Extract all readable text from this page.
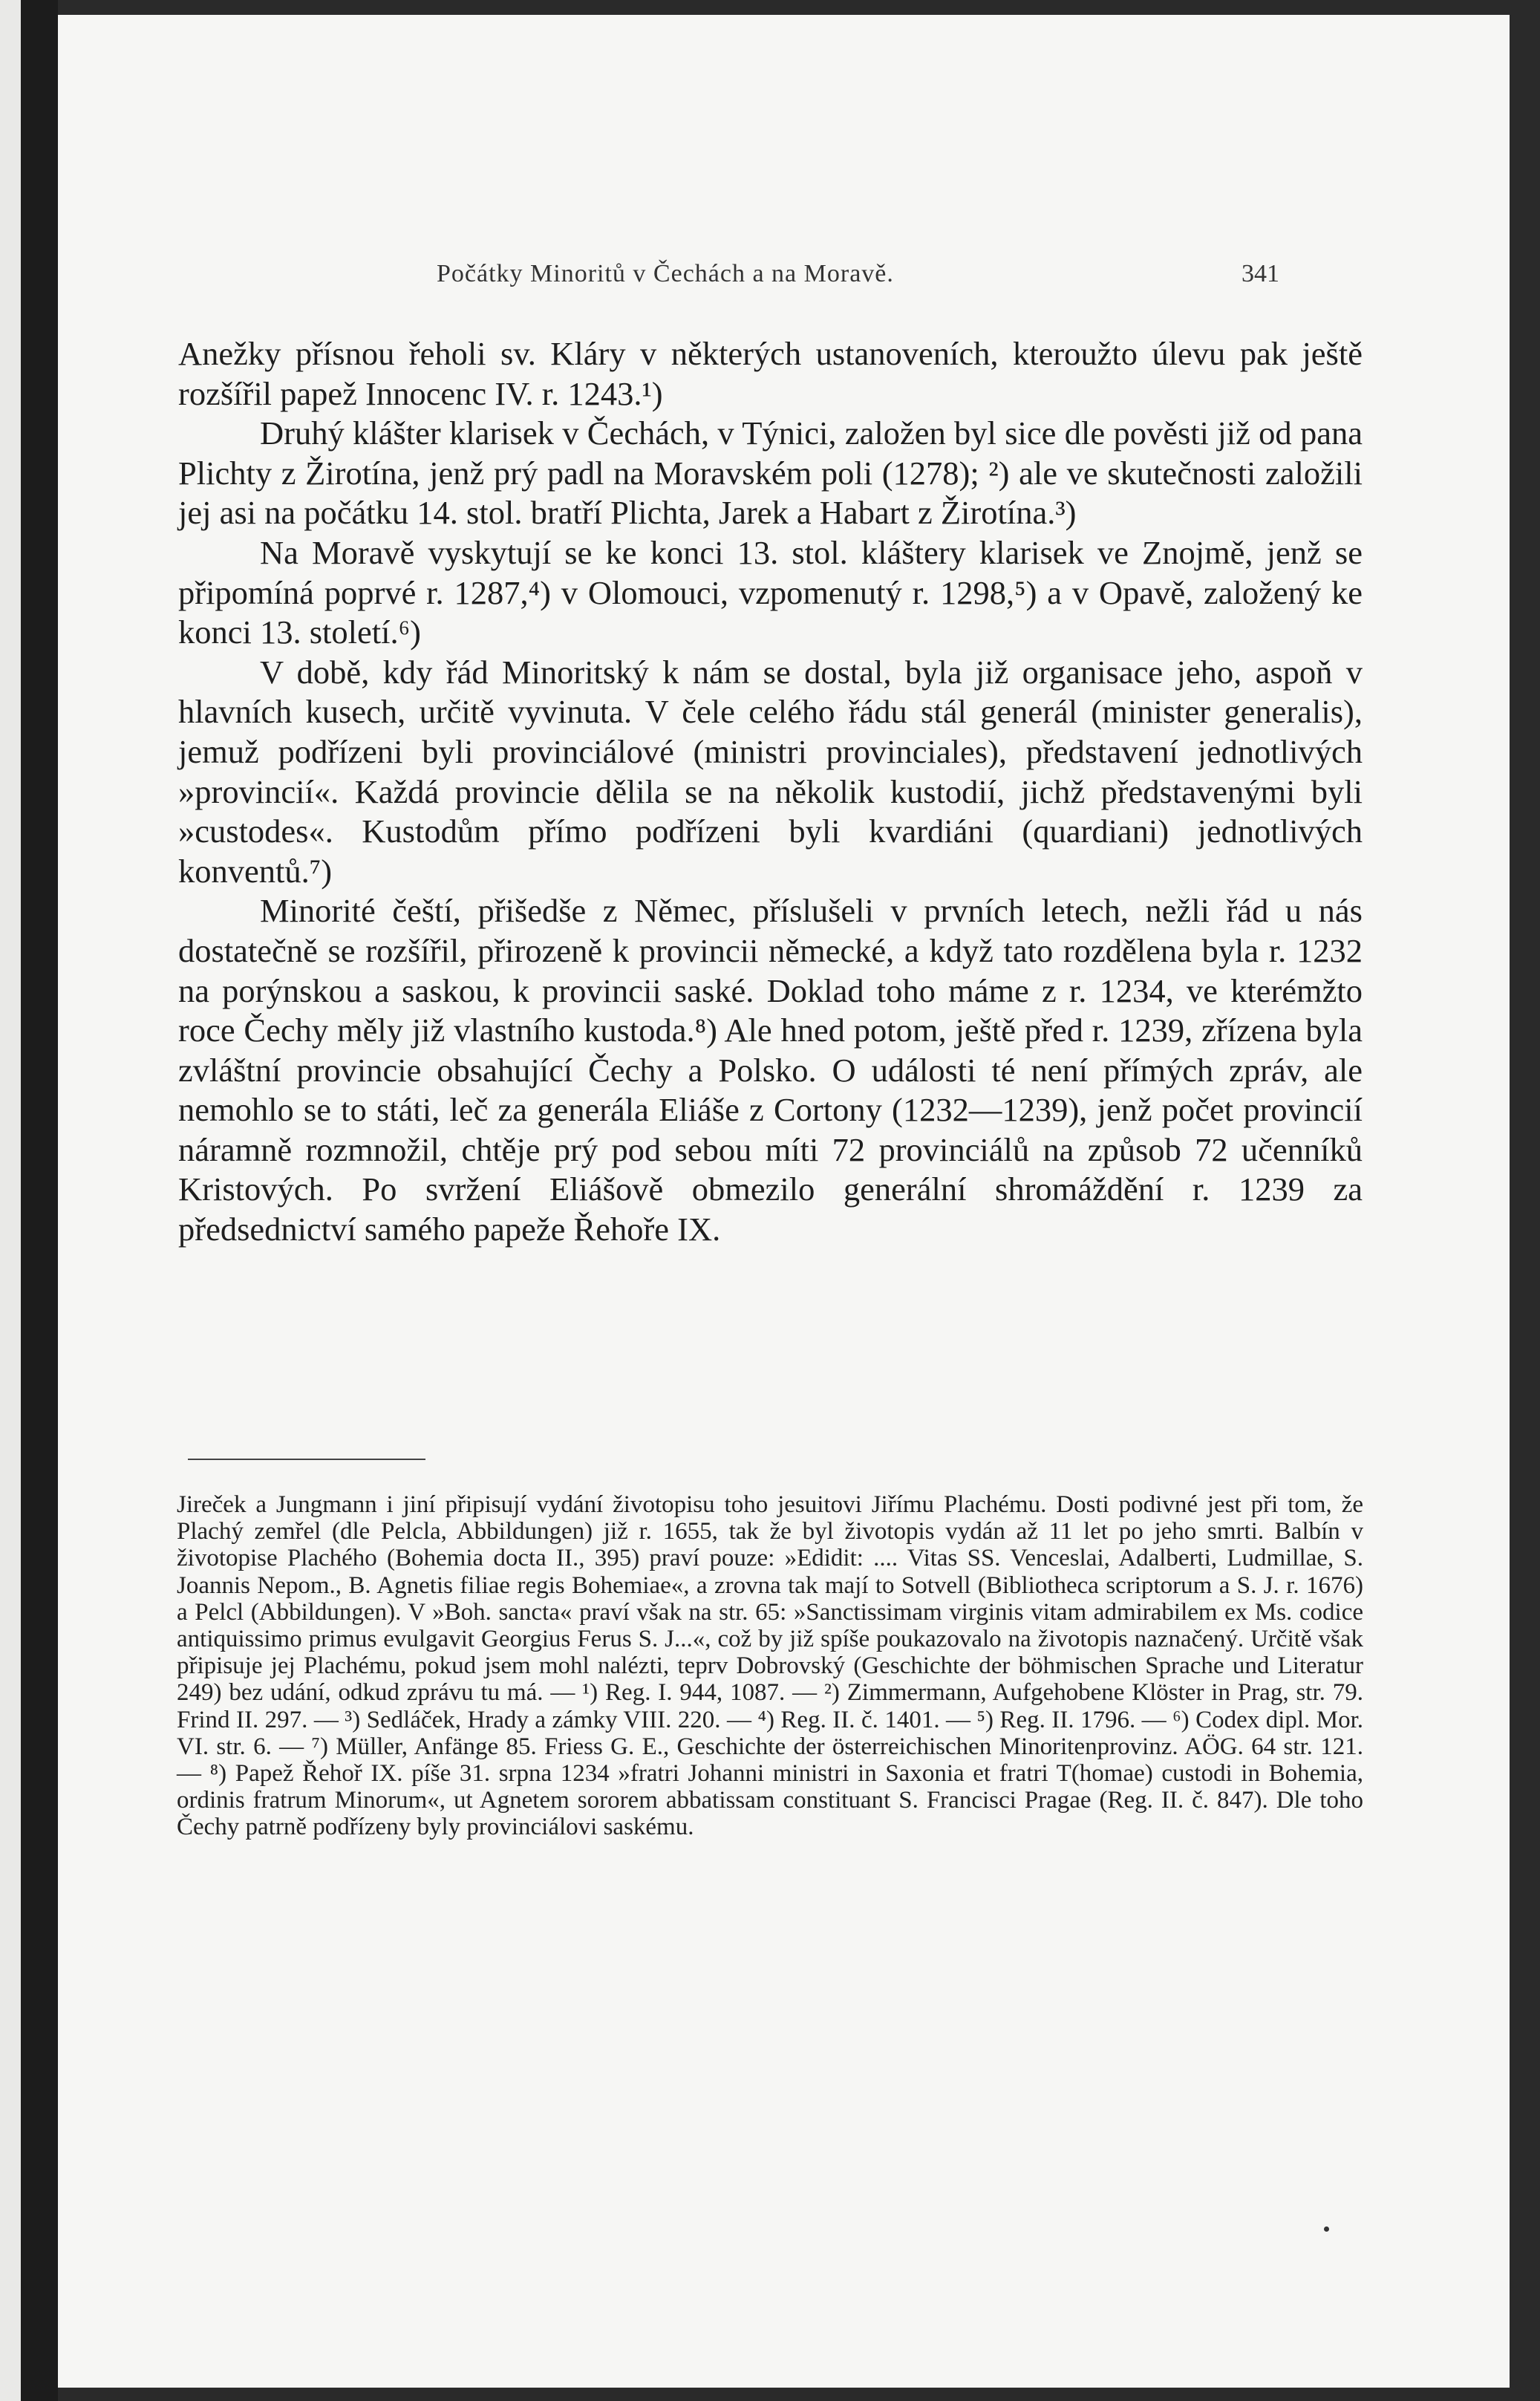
Počátky Minoritů v Čechách a na Moravě.	341

Anežky přísnou řeholi sv. Kláry v některých ustanoveních, kteroužto úlevu pak ještě rozšířil papež Innocenc IV. r. 1243.¹)

Druhý klášter klarisek v Čechách, v Týnici, založen byl sice dle pověsti již od pana Plichty z Žirotína, jenž prý padl na Moravském poli (1278); ²) ale ve skutečnosti založili jej asi na počátku 14. stol. bratří Plichta, Jarek a Habart z Žirotína.³)

Na Moravě vyskytují se ke konci 13. stol. kláštery klarisek ve Znojmě, jenž se připomíná poprvé r. 1287,⁴) v Olomouci, vzpomenutý r. 1298,⁵) a v Opavě, založený ke konci 13. století.⁶)

V době, kdy řád Minoritský k nám se dostal, byla již organisace jeho, aspoň v hlavních kusech, určitě vyvinuta. V čele celého řádu stál generál (minister generalis), jemuž podřízeni byli provinciálové (ministri provinciales), představení jednotlivých »provincií«. Každá provincie dělila se na několik kustodií, jichž představenými byli »custodes«. Kustodům přímo podřízeni byli kvardiáni (quardiani) jednotlivých konventů.⁷)

Minorité čeští, přišedše z Němec, příslušeli v prvních letech, nežli řád u nás dostatečně se rozšířil, přirozeně k provincii německé, a když tato rozdělena byla r. 1232 na porýnskou a saskou, k provincii saské. Doklad toho máme z r. 1234, ve kterémžto roce Čechy měly již vlastního kustoda.⁸) Ale hned potom, ještě před r. 1239, zřízena byla zvláštní provincie obsahující Čechy a Polsko. O události té není přímých zpráv, ale nemohlo se to státi, leč za generála Eliáše z Cortony (1232—1239), jenž počet provincií náramně rozmnožil, chtěje prý pod sebou míti 72 provinciálů na způsob 72 učenníků Kristových. Po svržení Eliášově obmezilo generální shromáždění r. 1239 za předsednictví samého papeže Řehoře IX.

Jireček a Jungmann i jiní připisují vydání životopisu toho jesuitovi Jiřímu Plachému. Dosti podivné jest při tom, že Plachý zemřel (dle Pelcla, Abbildungen) již r. 1655, tak že byl životopis vydán až 11 let po jeho smrti. Balbín v životopise Plachého (Bohemia docta II., 395) praví pouze: »Edidit: .... Vitas SS. Venceslai, Adalberti, Ludmillae, S. Joannis Nepom., B. Agnetis filiae regis Bohemiae«, a zrovna tak mají to Sotvell (Bibliotheca scriptorum a S. J. r. 1676) a Pelcl (Abbildungen). V »Boh. sancta« praví však na str. 65: »Sanctissimam virginis vitam admirabilem ex Ms. codice antiquissimo primus evulgavit Georgius Ferus S. J...«, což by již spíše poukazovalo na životopis naznačený. Určitě však připisuje jej Plachému, pokud jsem mohl nalézti, teprv Dobrovský (Geschichte der böhmischen Sprache und Literatur 249) bez udání, odkud zprávu tu má. — ¹) Reg. I. 944, 1087. — ²) Zimmermann, Aufgehobene Klöster in Prag, str. 79. Frind II. 297. — ³) Sedláček, Hrady a zámky VIII. 220. — ⁴) Reg. II. č. 1401. — ⁵) Reg. II. 1796. — ⁶) Codex dipl. Mor. VI. str. 6. — ⁷) Müller, Anfänge 85. Friess G. E., Geschichte der österreichischen Minoritenprovinz. AÖG. 64 str. 121. — ⁸) Papež Řehoř IX. píše 31. srpna 1234 »fratri Johanni ministri in Saxonia et fratri T(homae) custodi in Bohemia, ordinis fratrum Minorum«, ut Agnetem sororem abbatissam constituant S. Francisci Pragae (Reg. II. č. 847). Dle toho Čechy patrně podřízeny byly provinciálovi saskému.
